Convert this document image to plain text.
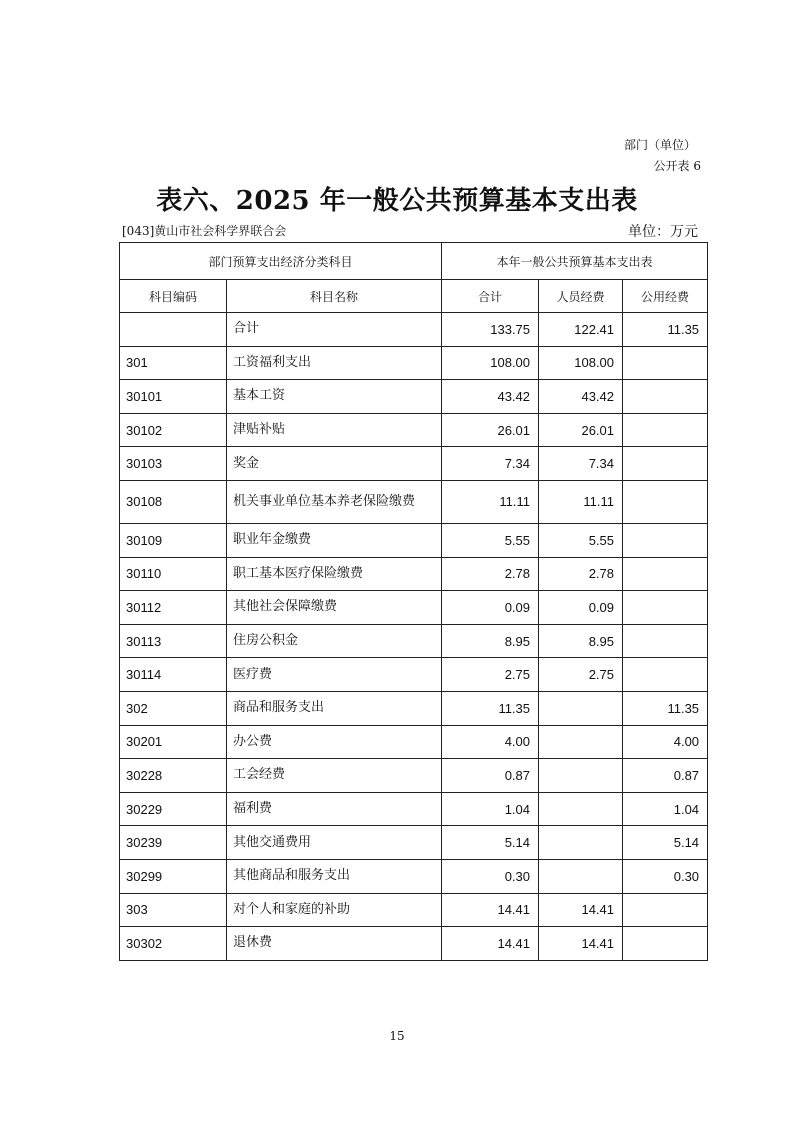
部门（单位）
公开表 6
表六、2025 年一般公共预算基本支出表
[043]黄山市社会科学界联合会	单位：万元
部门预算支出经济分类科目		本年一般公共预算基本支出表		
科目编码	科目名称	合计	人员经费	公用经费
	合计	133.75	122.41	11.35
301	工资福利支出	108.00	108.00	
30101	基本工资	43.42	43.42	
30102	津贴补贴	26.01	26.01	
30103	奖金	7.34	7.34	
30108	机关事业单位基本养老保险缴费	11.11	11.11	
30109	职业年金缴费	5.55	5.55	
30110	职工基本医疗保险缴费	2.78	2.78	
30112	其他社会保障缴费	0.09	0.09	
30113	住房公积金	8.95	8.95	
30114	医疗费	2.75	2.75	
302	商品和服务支出	11.35		11.35
30201	办公费	4.00		4.00
30228	工会经费	0.87		0.87
30229	福利费	1.04		1.04
30239	其他交通费用	5.14		5.14
30299	其他商品和服务支出	0.30		0.30
303	对个人和家庭的补助	14.41	14.41	
30302	退休费	14.41	14.41	
15
